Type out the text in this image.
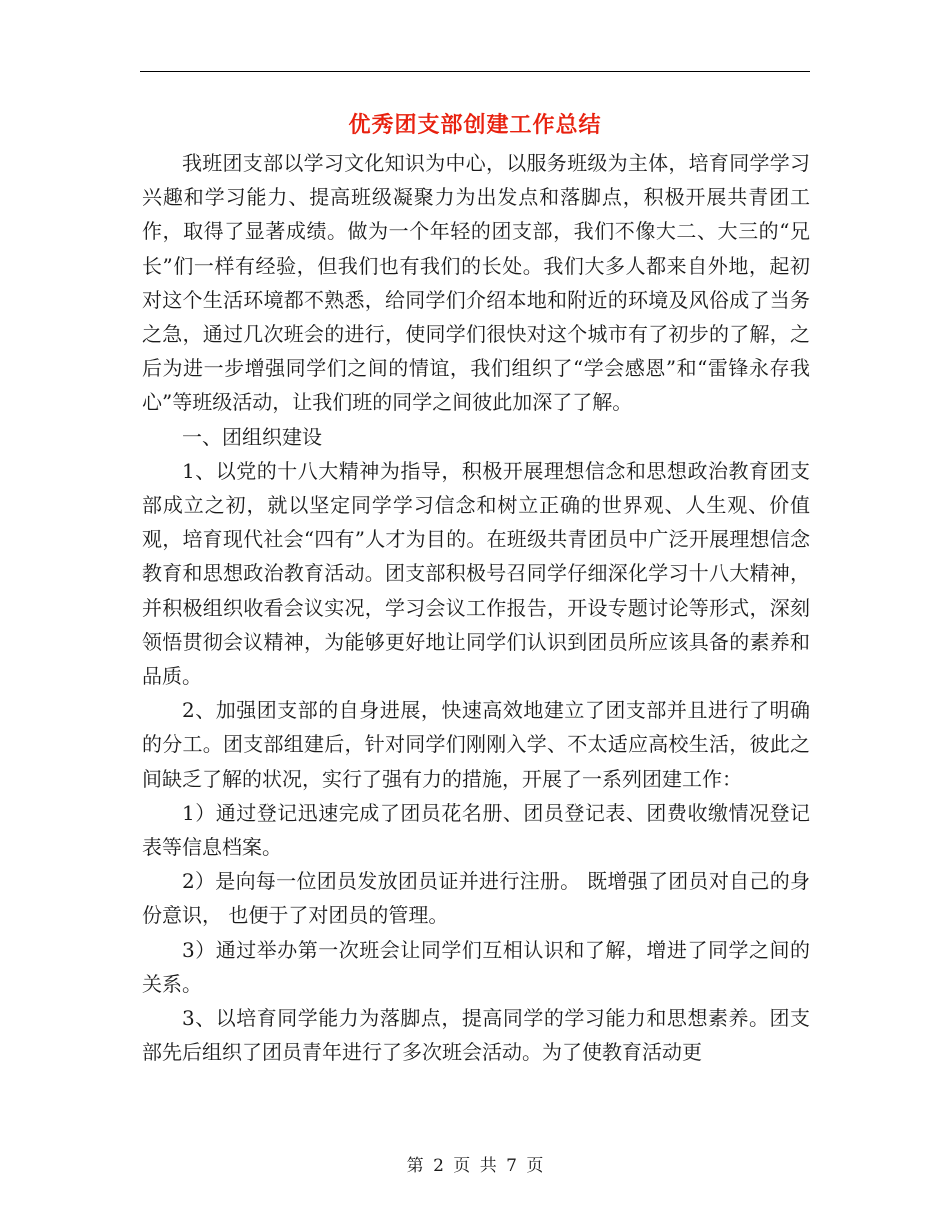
优秀团支部创建工作总结

我班团支部以学习文化知识为中心，以服务班级为主体，培育同学学习兴趣和学习能力、提高班级凝聚力为出发点和落脚点，积极开展共青团工作，取得了显著成绩。做为一个年轻的团支部，我们不像大二、大三的“兄长”们一样有经验，但我们也有我们的长处。我们大多人都来自外地，起初对这个生活环境都不熟悉，给同学们介绍本地和附近的环境及风俗成了当务之急，通过几次班会的进行，使同学们很快对这个城市有了初步的了解，之后为进一步增强同学们之间的情谊，我们组织了“学会感恩”和“雷锋永存我心”等班级活动，让我们班的同学之间彼此加深了了解。

一、团组织建设

1、以党的十八大精神为指导，积极开展理想信念和思想政治教育团支部成立之初，就以坚定同学学习信念和树立正确的世界观、人生观、价值观，培育现代社会“四有”人才为目的。在班级共青团员中广泛开展理想信念教育和思想政治教育活动。团支部积极号召同学仔细深化学习十八大精神，并积极组织收看会议实况，学习会议工作报告，开设专题讨论等形式，深刻领悟贯彻会议精神，为能够更好地让同学们认识到团员所应该具备的素养和品质。

2、加强团支部的自身进展，快速高效地建立了团支部并且进行了明确的分工。团支部组建后，针对同学们刚刚入学、不太适应高校生活，彼此之间缺乏了解的状况，实行了强有力的措施，开展了一系列团建工作：

1）通过登记迅速完成了团员花名册、团员登记表、团费收缴情况登记表等信息档案。

2）是向每一位团员发放团员证并进行注册。 既增强了团员对自己的身份意识， 也便于了对团员的管理。

3）通过举办第一次班会让同学们互相认识和了解，增进了同学之间的关系。

3、以培育同学能力为落脚点，提高同学的学习能力和思想素养。团支部先后组织了团员青年进行了多次班会活动。为了使教育活动更

第 2 页 共 7 页
